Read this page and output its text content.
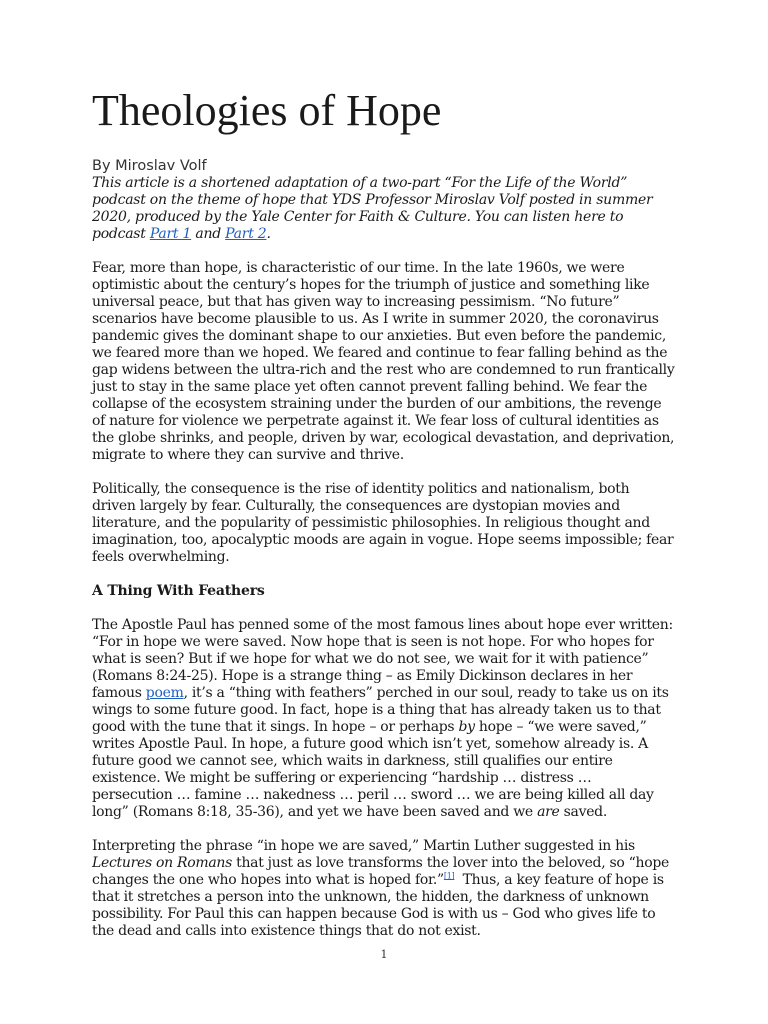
Theologies of Hope
By Miroslav Volf

This article is a shortened adaptation of a two-part “For the Life of the World” podcast on the theme of hope that YDS Professor Miroslav Volf posted in summer 2020, produced by the Yale Center for Faith & Culture. You can listen here to podcast Part 1 and Part 2.

Fear, more than hope, is characteristic of our time. In the late 1960s, we were optimistic about the century’s hopes for the triumph of justice and something like universal peace, but that has given way to increasing pessimism. “No future” scenarios have become plausible to us. As I write in summer 2020, the coronavirus pandemic gives the dominant shape to our anxieties. But even before the pandemic, we feared more than we hoped. We feared and continue to fear falling behind as the gap widens between the ultra-rich and the rest who are condemned to run frantically just to stay in the same place yet often cannot prevent falling behind. We fear the collapse of the ecosystem straining under the burden of our ambitions, the revenge of nature for violence we perpetrate against it. We fear loss of cultural identities as the globe shrinks, and people, driven by war, ecological devastation, and deprivation, migrate to where they can survive and thrive.

Politically, the consequence is the rise of identity politics and nationalism, both driven largely by fear. Culturally, the consequences are dystopian movies and literature, and the popularity of pessimistic philosophies. In religious thought and imagination, too, apocalyptic moods are again in vogue. Hope seems impossible; fear feels overwhelming.

A Thing With Feathers

The Apostle Paul has penned some of the most famous lines about hope ever written: “For in hope we were saved. Now hope that is seen is not hope. For who hopes for what is seen? But if we hope for what we do not see, we wait for it with patience” (Romans 8:24-25). Hope is a strange thing – as Emily Dickinson declares in her famous poem, it’s a “thing with feathers” perched in our soul, ready to take us on its wings to some future good. In fact, hope is a thing that has already taken us to that good with the tune that it sings. In hope – or perhaps by hope – “we were saved,” writes Apostle Paul. In hope, a future good which isn’t yet, somehow already is. A future good we cannot see, which waits in darkness, still qualifies our entire existence. We might be suffering or experiencing “hardship … distress … persecution … famine … nakedness … peril … sword … we are being killed all day long” (Romans 8:18, 35-36), and yet we have been saved and we are saved.

Interpreting the phrase “in hope we are saved,” Martin Luther suggested in his Lectures on Romans that just as love transforms the lover into the beloved, so “hope changes the one who hopes into what is hoped for.”[1]  Thus, a key feature of hope is that it stretches a person into the unknown, the hidden, the darkness of unknown possibility. For Paul this can happen because God is with us – God who gives life to the dead and calls into existence things that do not exist.

1
